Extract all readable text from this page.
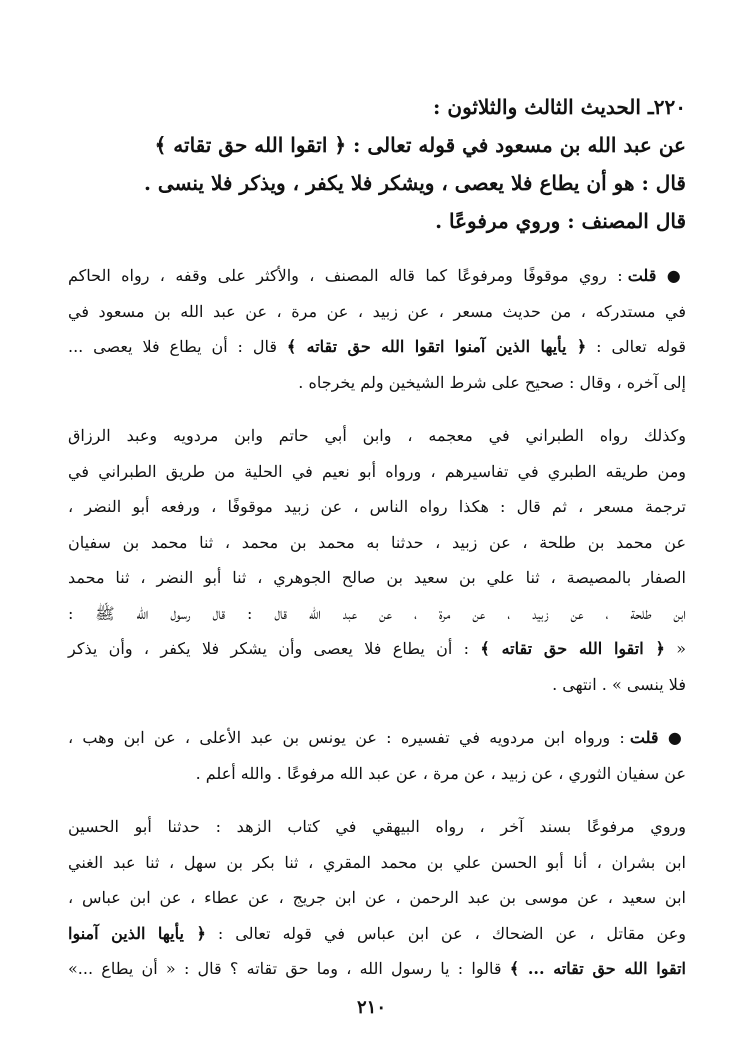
٢٢٠ـ الحديث الثالث والثلاثون :

عن عبد الله بن مسعود في قوله تعالى : ﴿ اتقوا الله حق تقاته ﴾

قال : هو أن يطاع فلا يعصى ، ويشكر فلا يكفر ، ويذكر فلا ينسى .

قال المصنف : وروي مرفوعًا .

● قلت : روي موقوفًا ومرفوعًا كما قاله المصنف ، والأكثر على وقفه ، رواه الحاكم

في مستدركه ، من حديث مسعر ، عن زبيد ، عن مرة ، عن عبد الله بن مسعود في

قوله تعالى : ﴿ يأيها الذين آمنوا اتقوا الله حق تقاته ﴾ قال : أن يطاع فلا يعصى ...

إلى آخره ، وقال : صحيح على شرط الشيخين ولم يخرجاه .

وكذلك رواه الطبراني في معجمه ، وابن أبي حاتم وابن مردويه وعبد الرزاق

ومن طريقه الطبري في تفاسيرهم ، ورواه أبو نعيم في الحلية من طريق الطبراني في

ترجمة مسعر ، ثم قال : هكذا رواه الناس ، عن زبيد موقوفًا ، ورفعه أبو النضر ،

عن محمد بن طلحة ، عن زبيد ، حدثنا به محمد بن محمد ، ثنا محمد بن سفيان

الصفار بالمصيصة ، ثنا علي بن سعيد بن صالح الجوهري ، ثنا أبو النضر ، ثنا محمد

ابن طلحة ، عن زبيد ، عن مرة ، عن عبد الله قال : قال رسول الله ﷺ :

« ﴿ اتقوا الله حق تقاته ﴾ : أن يطاع فلا يعصى وأن يشكر فلا يكفر ، وأن يذكر

فلا ينسى » . انتهى .

● قلت : ورواه ابن مردويه في تفسيره : عن يونس بن عبد الأعلى ، عن ابن وهب ،

عن سفيان الثوري ، عن زبيد ، عن مرة ، عن عبد الله مرفوعًا . والله أعلم .

وروي مرفوعًا بسند آخر ، رواه البيهقي في كتاب الزهد : حدثنا أبو الحسين

ابن بشران ، أنا أبو الحسن علي بن محمد المقري ، ثنا بكر بن سهل ، ثنا عبد الغني

ابن سعيد ، عن موسى بن عبد الرحمن ، عن ابن جريج ، عن عطاء ، عن ابن عباس ،

وعن مقاتل ، عن الضحاك ، عن ابن عباس في قوله تعالى : ﴿ يأيها الذين آمنوا

اتقوا الله حق تقاته ... ﴾ قالوا : يا رسول الله ، وما حق تقاته ؟ قال : « أن يطاع ...»

٢١٠
